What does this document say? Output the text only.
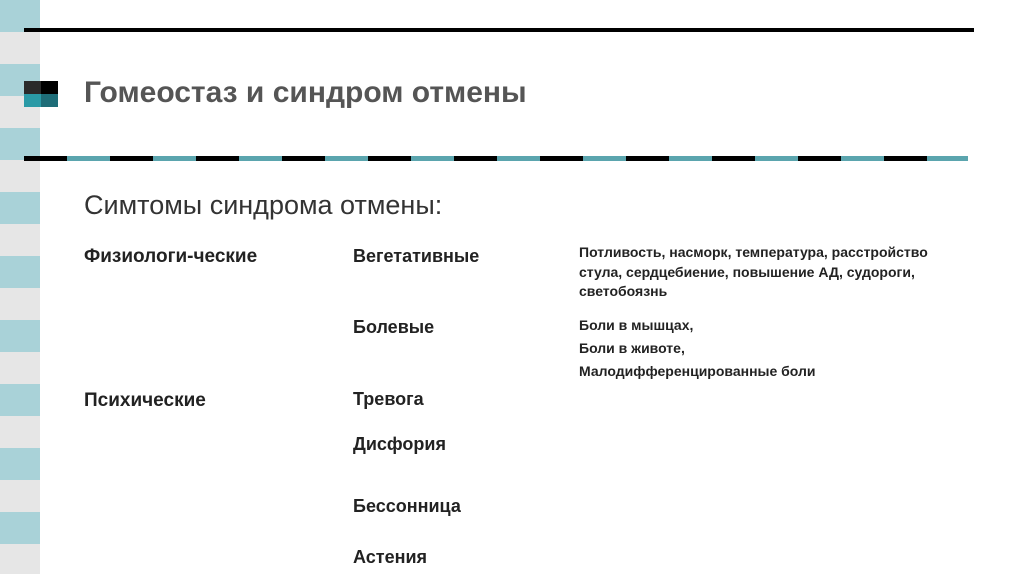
Гомеостаз и синдром отмены

Симтомы синдрома отмены:

Физиологи-ческие

Психические

Вегетативные

Болевые

Тревога

Дисфория

Бессонница

Астения

Потливость, насморк, температура, расстройство
стула, сердцебиение, повышение АД, судороги,
светобоязнь
Боли в мышцах,
Боли в животе,
Малодифференцированные боли
